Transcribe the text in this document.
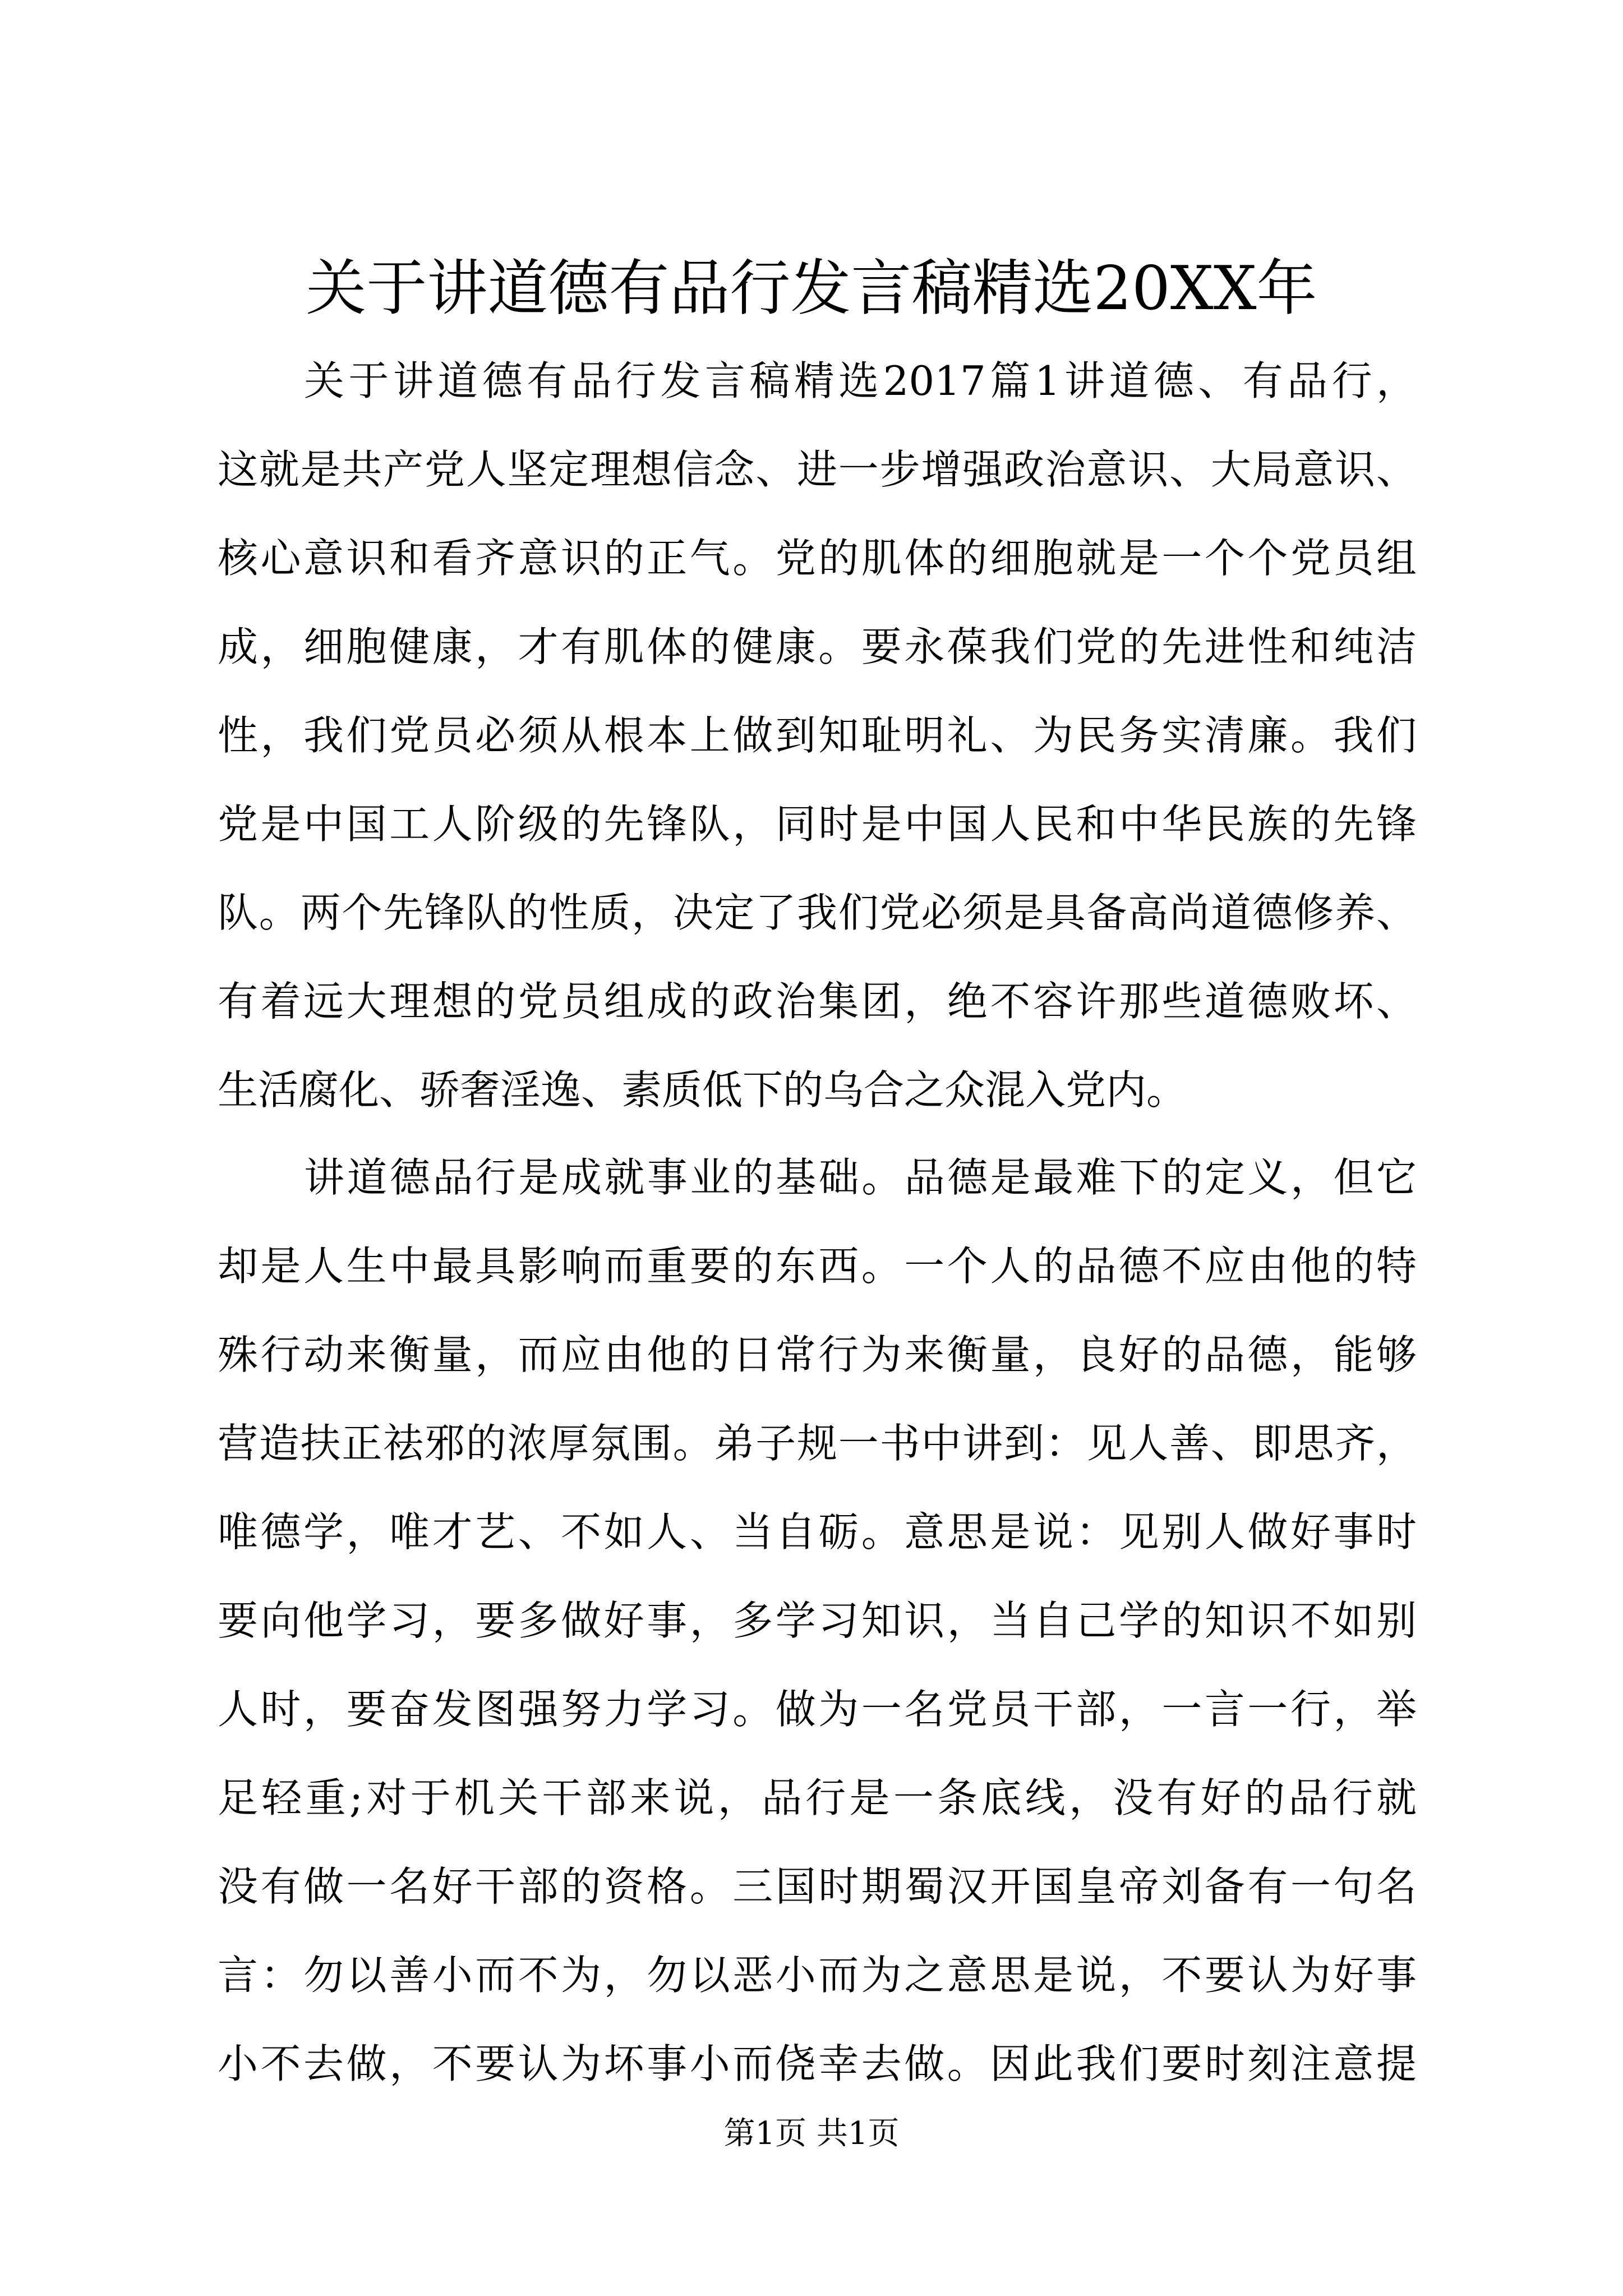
关于讲道德有品行发言稿精选20XX年
关于讲道德有品行发言稿精选2017篇1讲道德、有品行，
这就是共产党人坚定理想信念、进一步增强政治意识、大局意识、
核心意识和看齐意识的正气。党的肌体的细胞就是一个个党员组
成，细胞健康，才有肌体的健康。要永葆我们党的先进性和纯洁
性，我们党员必须从根本上做到知耻明礼、为民务实清廉。我们
党是中国工人阶级的先锋队，同时是中国人民和中华民族的先锋
队。两个先锋队的性质，决定了我们党必须是具备高尚道德修养、
有着远大理想的党员组成的政治集团，绝不容许那些道德败坏、
生活腐化、骄奢淫逸、素质低下的乌合之众混入党内。
讲道德品行是成就事业的基础。品德是最难下的定义，但它
却是人生中最具影响而重要的东西。一个人的品德不应由他的特
殊行动来衡量，而应由他的日常行为来衡量，良好的品德，能够
营造扶正祛邪的浓厚氛围。弟子规一书中讲到：见人善、即思齐，
唯德学，唯才艺、不如人、当自砺。意思是说：见别人做好事时
要向他学习，要多做好事，多学习知识，当自己学的知识不如别
人时，要奋发图强努力学习。做为一名党员干部，一言一行，举
足轻重;对于机关干部来说，品行是一条底线，没有好的品行就
没有做一名好干部的资格。三国时期蜀汉开国皇帝刘备有一句名
言：勿以善小而不为，勿以恶小而为之意思是说，不要认为好事
小不去做，不要认为坏事小而侥幸去做。因此我们要时刻注意提
第1页 共1页
